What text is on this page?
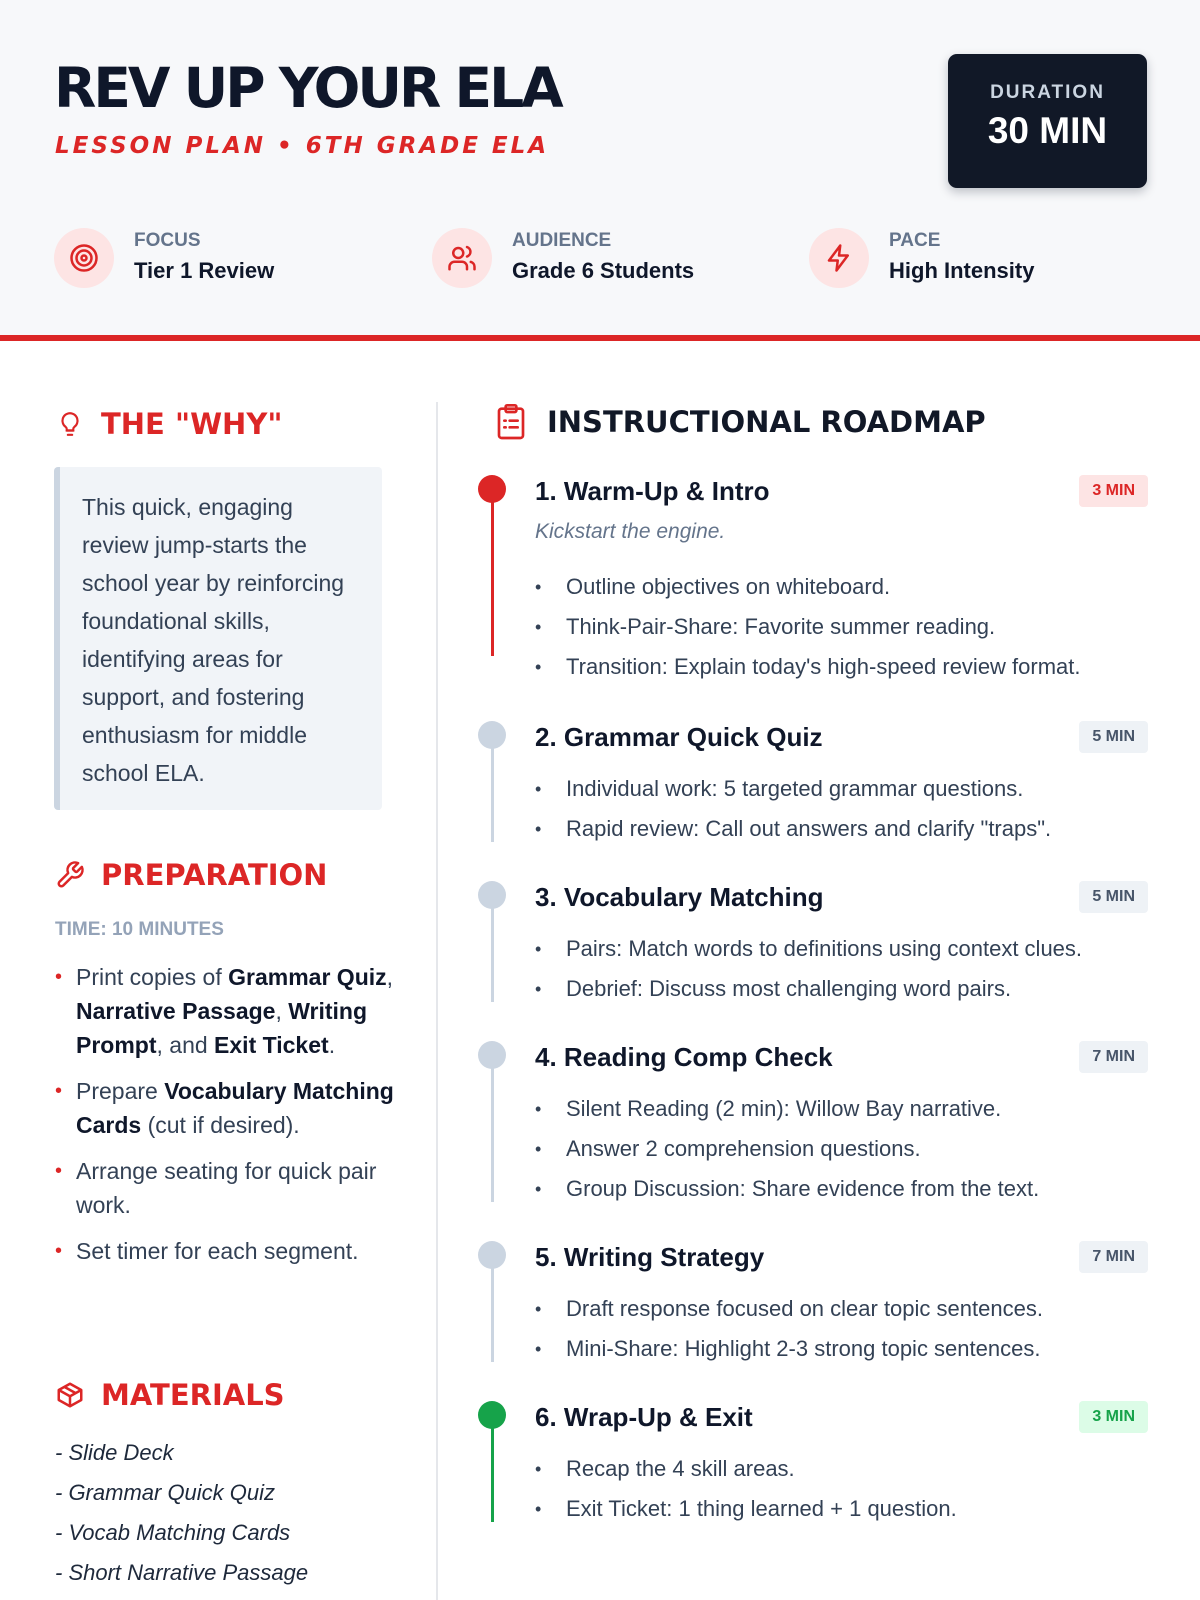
REV UP YOUR ELA
LESSON PLAN • 6TH GRADE ELA
DURATION
30 MIN
FOCUS
Tier 1 Review
AUDIENCE
Grade 6 Students
PACE
High Intensity
THE "WHY"

This quick, engaging review jump-starts the school year by reinforcing foundational skills, identifying areas for support, and fostering enthusiasm for middle school ELA.

PREPARATION
TIME: 10 MINUTES
• Print copies of Grammar Quiz, Narrative Passage, Writing Prompt, and Exit Ticket.
• Prepare Vocabulary Matching Cards (cut if desired).
• Arrange seating for quick pair work.
• Set timer for each segment.
MATERIALS
- Slide Deck
- Grammar Quick Quiz
- Vocab Matching Cards
- Short Narrative Passage
INSTRUCTIONAL ROADMAP
1. Warm-Up & Intro	3 MIN
Kickstart the engine.
• Outline objectives on whiteboard.
• Think-Pair-Share: Favorite summer reading.
• Transition: Explain today's high-speed review format.
2. Grammar Quick Quiz	5 MIN
• Individual work: 5 targeted grammar questions.
• Rapid review: Call out answers and clarify "traps".
3. Vocabulary Matching	5 MIN
• Pairs: Match words to definitions using context clues.
• Debrief: Discuss most challenging word pairs.
4. Reading Comp Check	7 MIN
• Silent Reading (2 min): Willow Bay narrative.
• Answer 2 comprehension questions.
• Group Discussion: Share evidence from the text.
5. Writing Strategy	7 MIN
• Draft response focused on clear topic sentences.
• Mini-Share: Highlight 2-3 strong topic sentences.
6. Wrap-Up & Exit	3 MIN
• Recap the 4 skill areas.
• Exit Ticket: 1 thing learned + 1 question.
